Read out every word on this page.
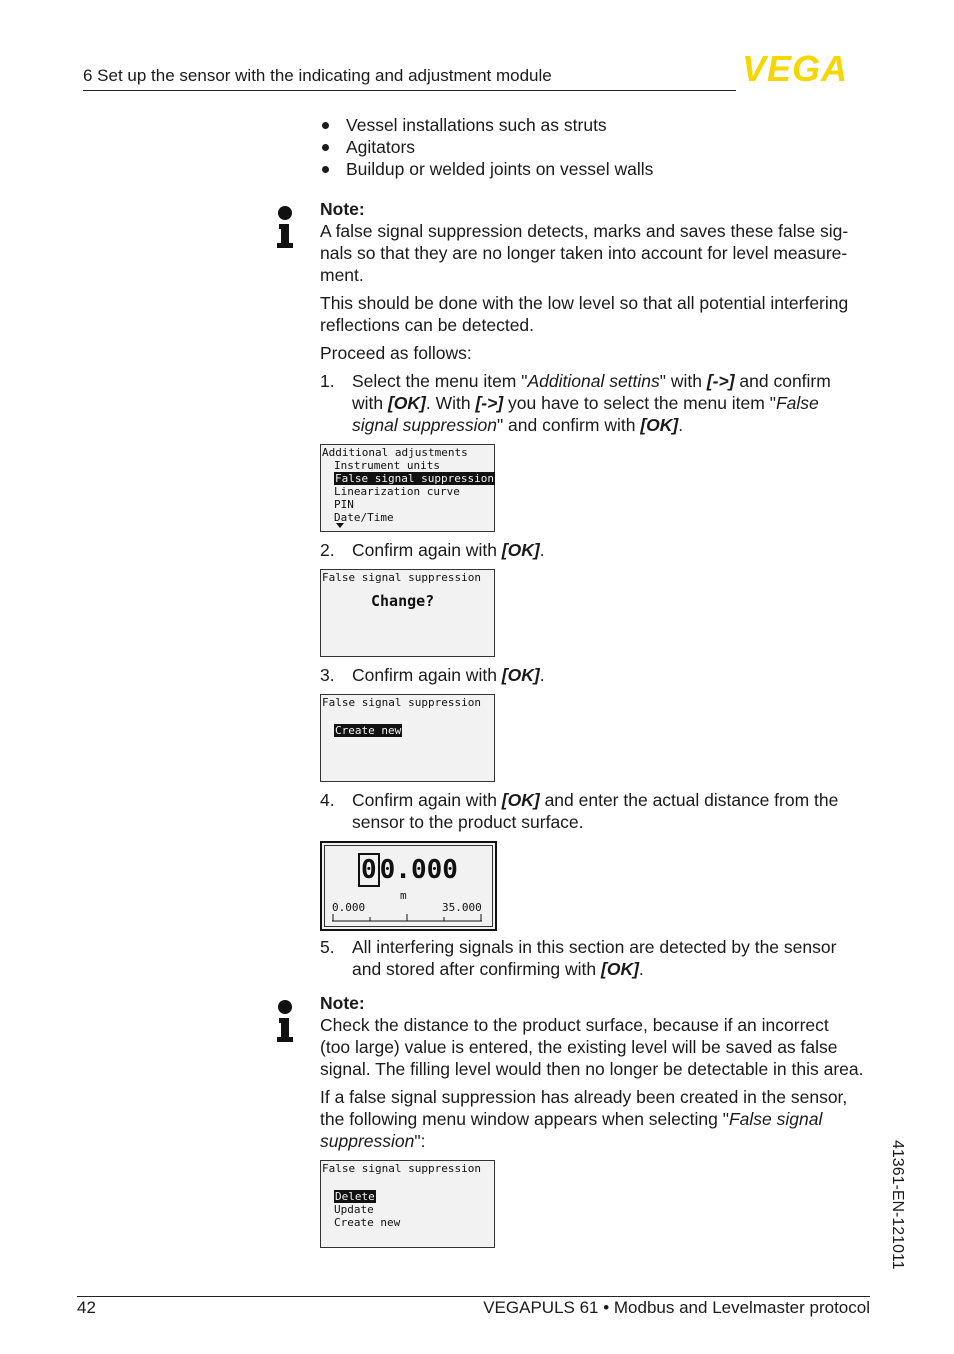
6 Set up the sensor with the indicating and adjustment module	VEGA
Vessel installations such as struts
Agitators
Buildup or welded joints on vessel walls
Note:
A false signal suppression detects, marks and saves these false sig-
nals so that they are no longer taken into account for level measure-
ment.
This should be done with the low level so that all potential interfering
reflections can be detected.
Proceed as follows:
1. Select the menu item "Additional settins" with [->] and confirm
with [OK]. With [->] you have to select the menu item "False
signal suppression" and confirm with [OK].
Additional adjustments
Instrument units
False signal suppression
Linearization curve
PIN
Date/Time
2. Confirm again with [OK].
False signal suppression
Change?
3. Confirm again with [OK].
False signal suppression
Create new
4. Confirm again with [OK] and enter the actual distance from the
sensor to the product surface.
0 0.000
m
0.000	35.000
5. All interfering signals in this section are detected by the sensor
and stored after confirming with [OK].
Note:
Check the distance to the product surface, because if an incorrect
(too large) value is entered, the existing level will be saved as false
signal. The filling level would then no longer be detectable in this area.
If a false signal suppression has already been created in the sensor,
the following menu window appears when selecting "False signal
suppression":
False signal suppression
Delete
Update
Create new	41361-EN-121011
42	VEGAPULS 61 • Modbus and Levelmaster protocol
